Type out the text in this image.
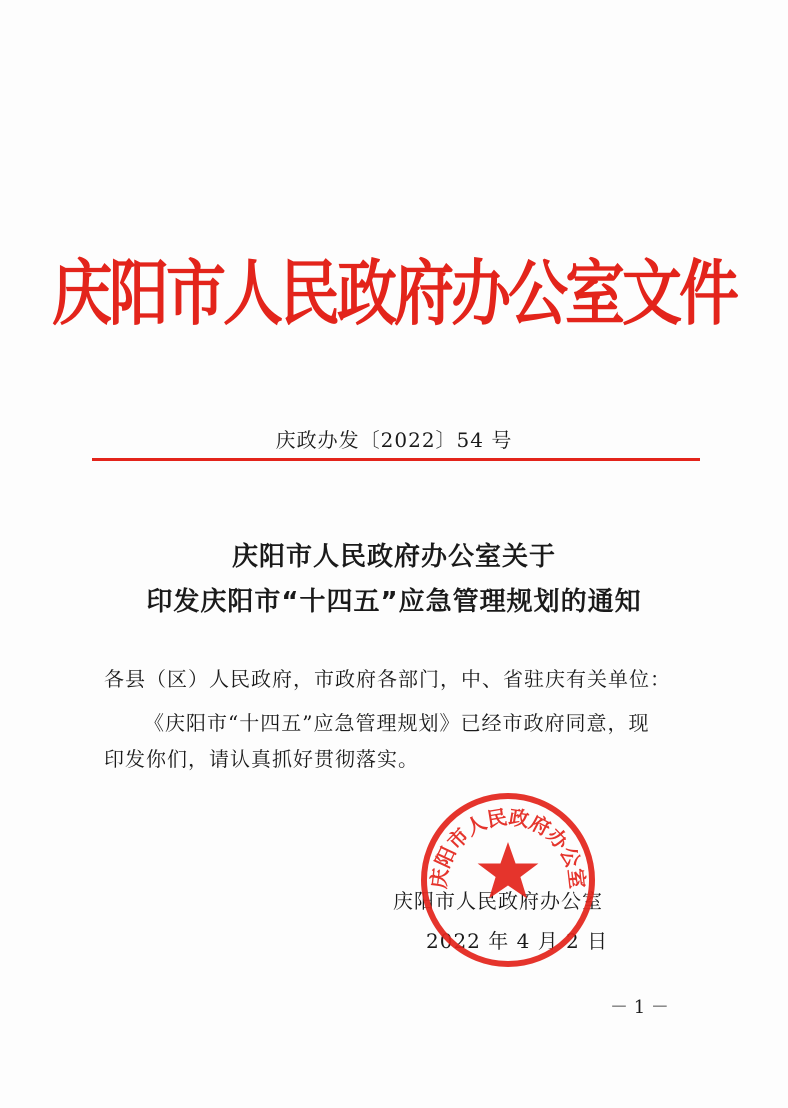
庆阳市人民政府办公室文件
庆政办发〔2022〕54 号
庆阳市人民政府办公室关于
印发庆阳市“十四五”应急管理规划的通知
各县（区）人民政府，市政府各部门，中、省驻庆有关单位：
《庆阳市“十四五”应急管理规划》已经市政府同意，现
印发你们，请认真抓好贯彻落实。
庆阳市人民政府办公室
2022 年 4 月 2 日
庆阳市人民政府办公室
－ 1 －
